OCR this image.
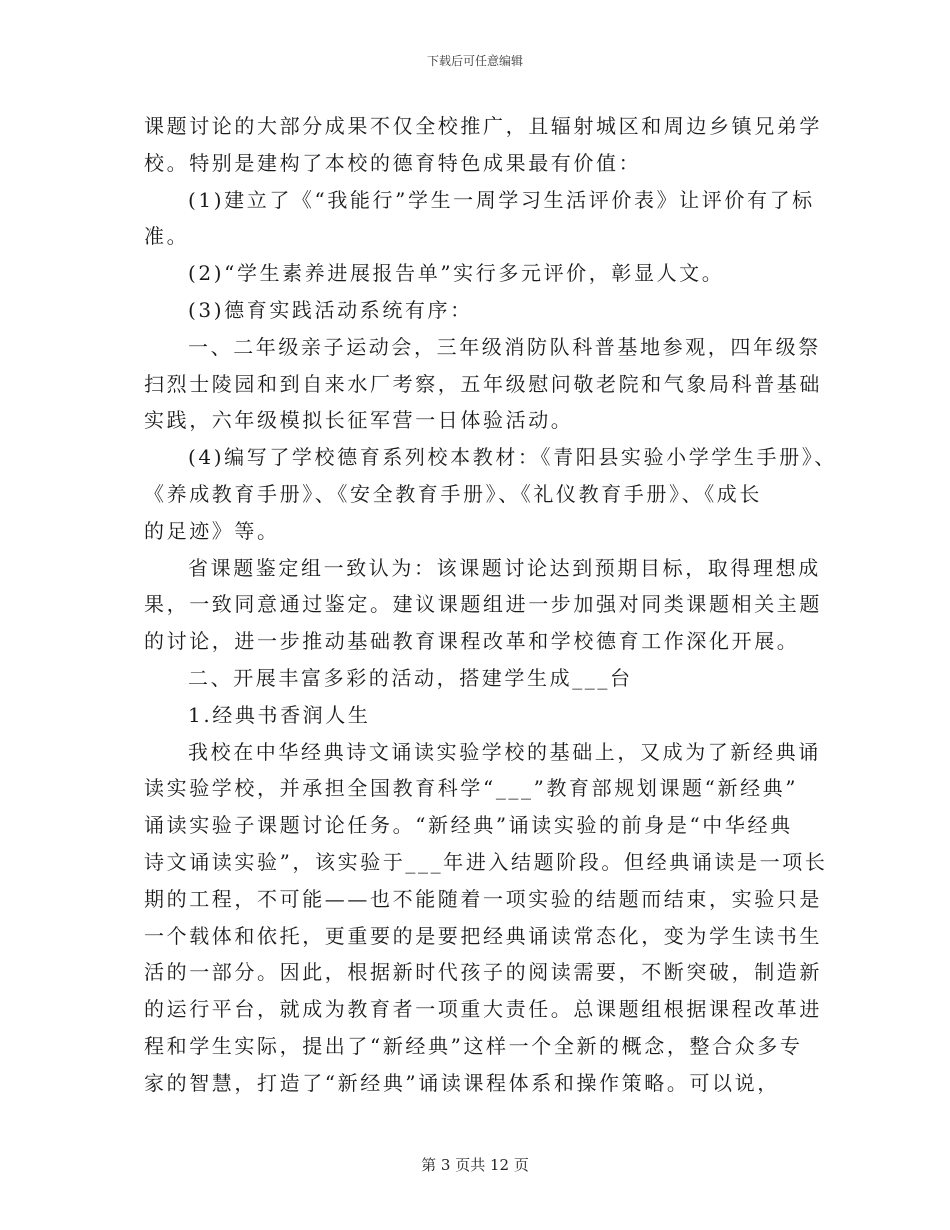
下载后可任意编辑
课题讨论的大部分成果不仅全校推广，且辐射城区和周边乡镇兄弟学
校。特别是建构了本校的德育特色成果最有价值：
(1)建立了《“我能行”学生一周学习生活评价表》让评价有了标
准。
(2)“学生素养进展报告单”实行多元评价，彰显人文。
(3)德育实践活动系统有序：
一、二年级亲子运动会，三年级消防队科普基地参观，四年级祭
扫烈士陵园和到自来水厂考察，五年级慰问敬老院和气象局科普基础
实践，六年级模拟长征军营一日体验活动。
(4)编写了学校德育系列校本教材：《青阳县实验小学学生手册》、
《养成教育手册》、《安全教育手册》、《礼仪教育手册》、《成长
的足迹》等。
省课题鉴定组一致认为：该课题讨论达到预期目标，取得理想成
果，一致同意通过鉴定。建议课题组进一步加强对同类课题相关主题
的讨论，进一步推动基础教育课程改革和学校德育工作深化开展。
二、开展丰富多彩的活动，搭建学生成___台
1.经典书香润人生
我校在中华经典诗文诵读实验学校的基础上，又成为了新经典诵
读实验学校，并承担全国教育科学“___”教育部规划课题“新经典”
诵读实验子课题讨论任务。“新经典”诵读实验的前身是“中华经典
诗文诵读实验”，该实验于___年进入结题阶段。但经典诵读是一项长
期的工程，不可能——也不能随着一项实验的结题而结束，实验只是
一个载体和依托，更重要的是要把经典诵读常态化，变为学生读书生
活的一部分。因此，根据新时代孩子的阅读需要，不断突破，制造新
的运行平台，就成为教育者一项重大责任。总课题组根据课程改革进
程和学生实际，提出了“新经典”这样一个全新的概念，整合众多专
家的智慧，打造了“新经典”诵读课程体系和操作策略。可以说，
第 3 页共 12 页
